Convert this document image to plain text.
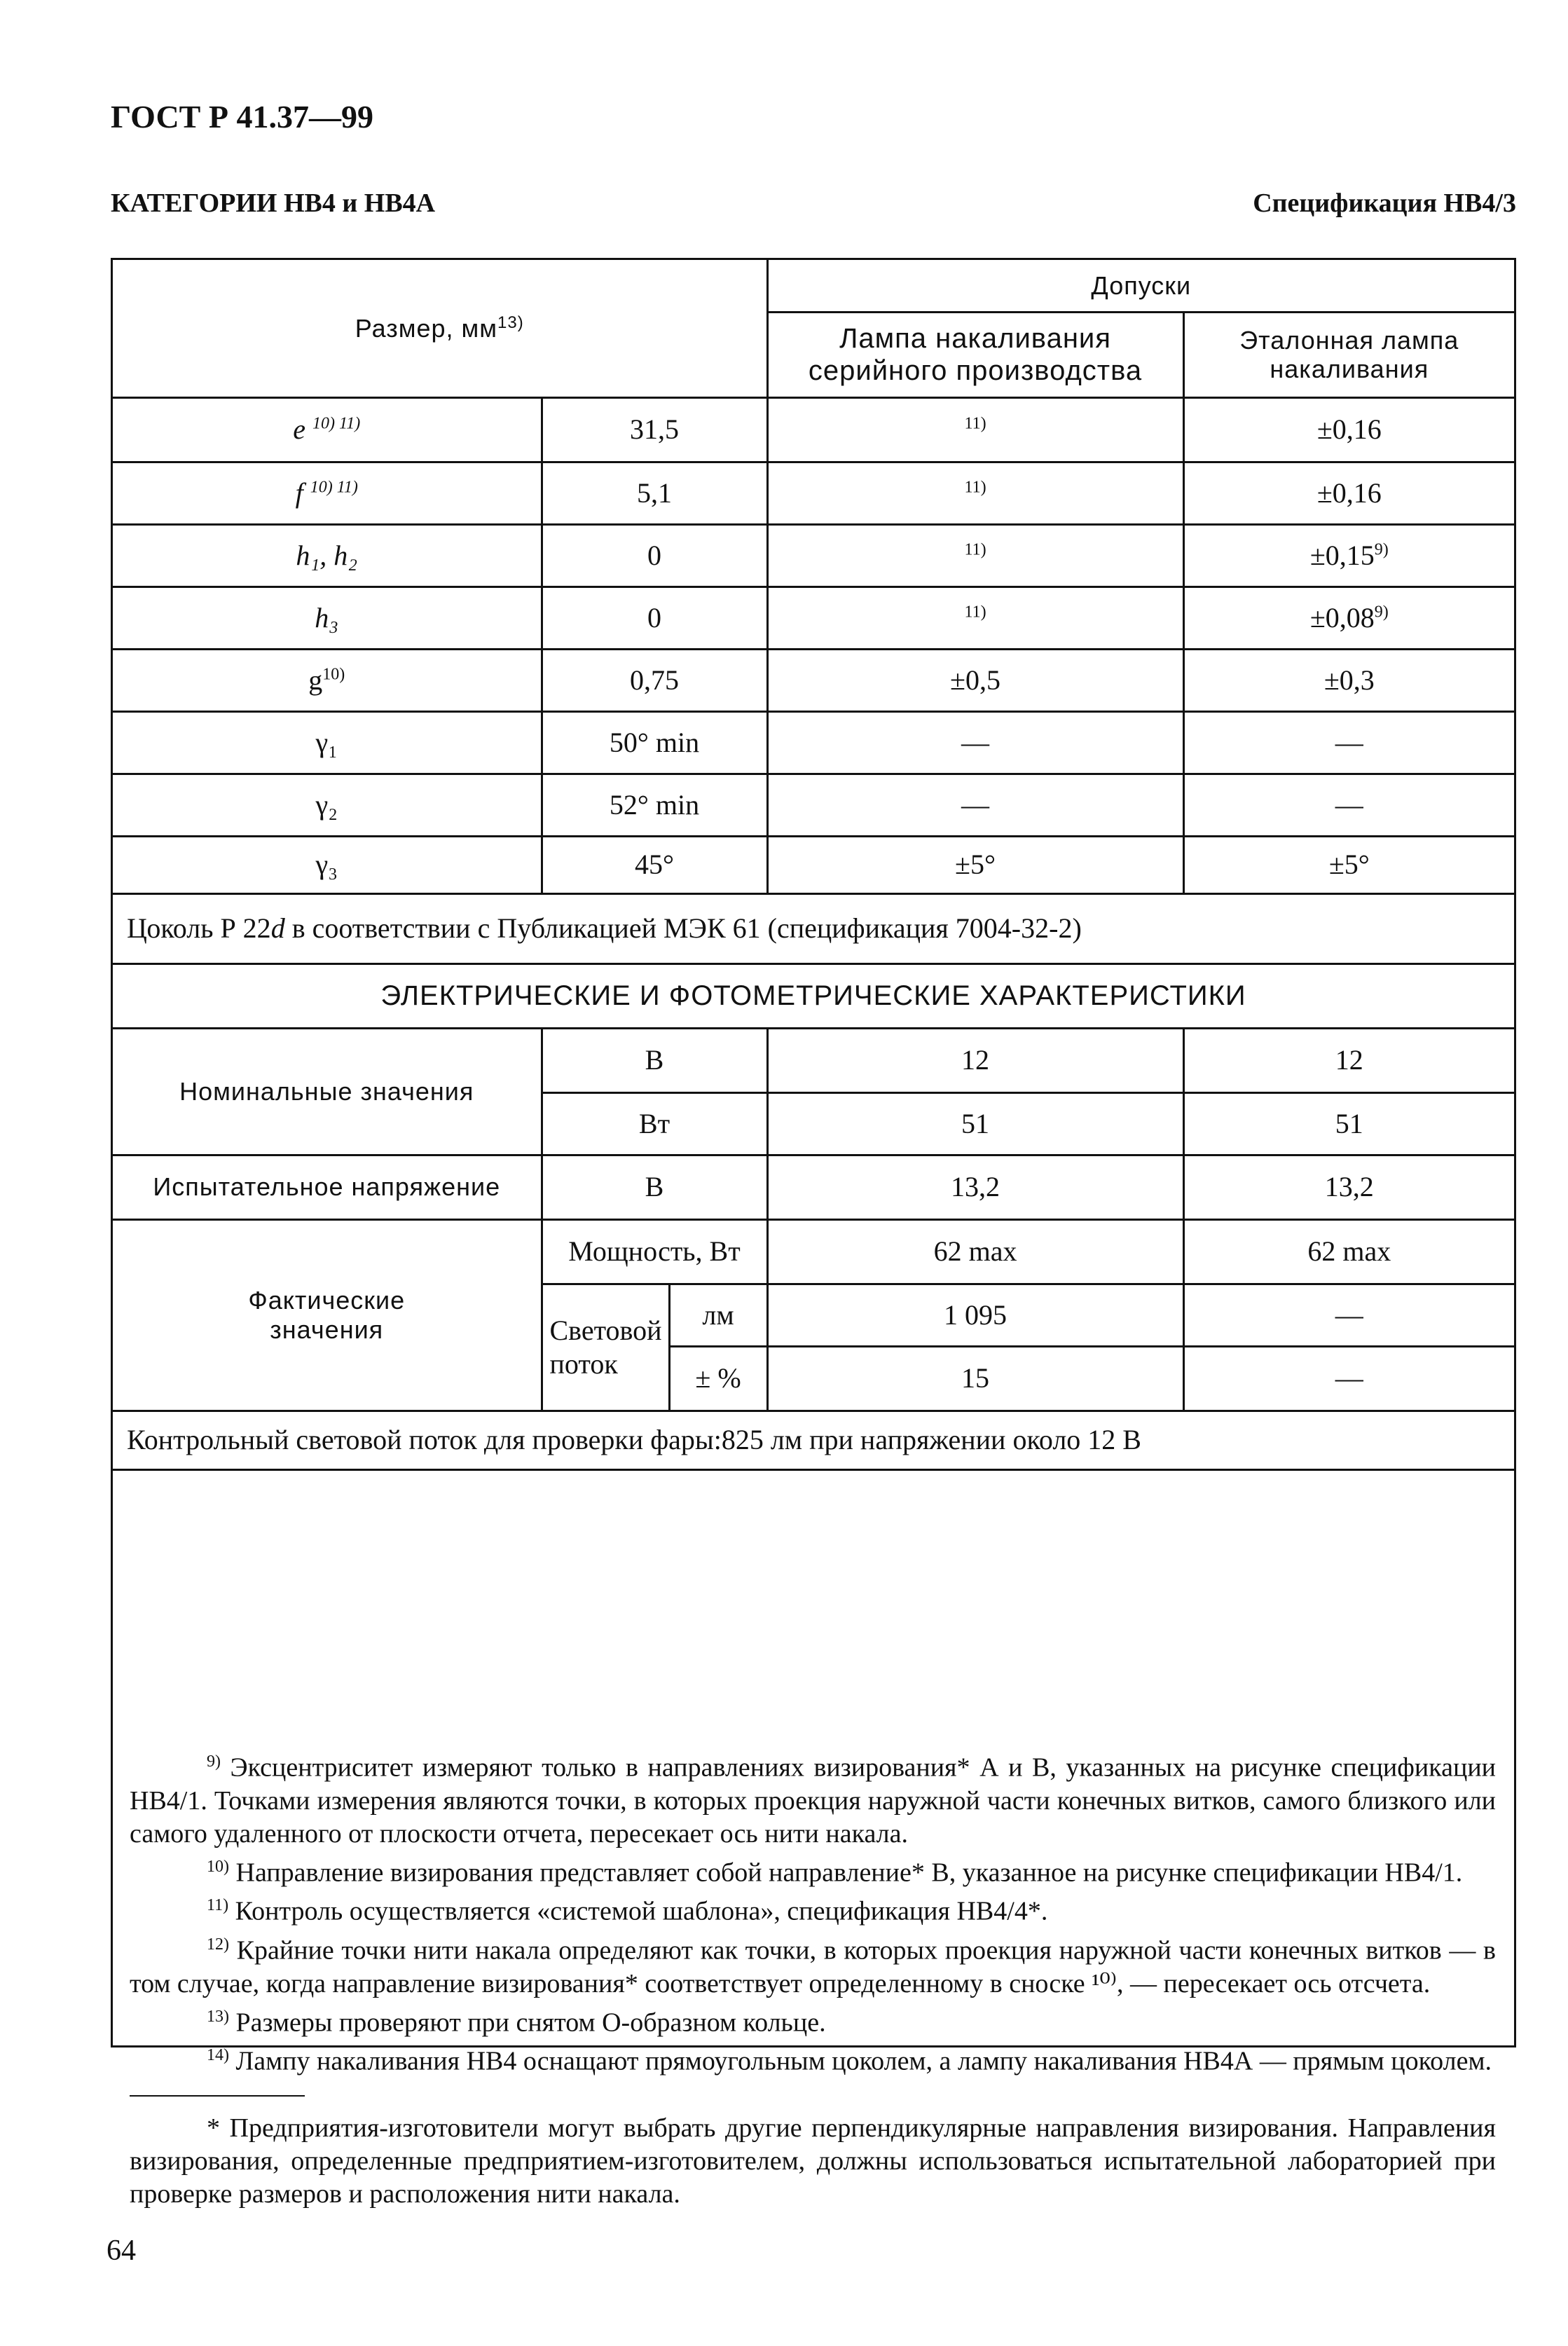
ГОСТ Р 41.37—99
КАТЕГОРИИ НВ4 и НВ4А	Спецификация НВ4/3
Размер, $мм^{13)}$			Допуски	
			Лампа накаливания серийного производства	Эталонная лампа накаливания
e $^{10) 11)}$	31,5		$^{11)}$	±0,16
f $^{10) 11)}$	5,1		$^{11)}$	±0,16
h₁, h₂	0		$^{11)}$	$\pm 0,15^{9)}$
h₃	0		$^{11)}$	$\pm 0,08^{9)}$
$g^{10)}$	0,75		±0,5	±0,3
γ₁	50° min		—	—
γ₂	52° min		—	—
γ₃	45°		±5°	±5°
Цоколь Р 22d в соответствии с Публикацией МЭК 61 (спецификация 7004-32-2)				
ЭЛЕКТРИЧЕСКИЕ И ФОТОМЕТРИЧЕСКИЕ ХАРАКТЕРИСТИКИ				
Номинальные значения	В		12	12
	Вт		51	51
Испытательное напряжение	В		13,2	13,2
Фактические значения	Мощность, Вт		62 max	62 max
	Световой поток	лм	1 095	—
		± %	15	—
Контрольный световой поток для проверки фары:825 лм при напряжении около 12 В				

$^{9)}$ Эксцентриситет измеряют только в направлениях визирования* А и В, указанных на рисунке спецификации НВ4/1. Точками измерения являются точки, в которых проекция наружной части конечных витков, самого близкого или самого удаленного от плоскости отчета, пересекает ось нити накала.

$^{10)}$ Направление визирования представляет собой направление* В, указанное на рисунке спецификации НВ4/1.

$^{11)}$ Контроль осуществляется «системой шаблона», спецификация НВ4/4*.

$^{12)}$ Крайние точки нити накала определяют как точки, в которых проекция наружной части конечных витков — в том случае, когда направление визирования* соответствует определенному в сноске ¹⁰⁾, — пересекает ось отсчета.

$^{13)}$ Размеры проверяют при снятом О-образном кольце.

$^{14)}$ Лампу накаливания НВ4 оснащают прямоугольным цоколем, а лампу накаливания НВ4А — прямым цоколем.

* Предприятия-изготовители могут выбрать другие перпендикулярные направления визирования. Направления визирования, определенные предприятием-изготовителем, должны использоваться испытательной лабораторией при проверке размеров и расположения нити накала.

64
